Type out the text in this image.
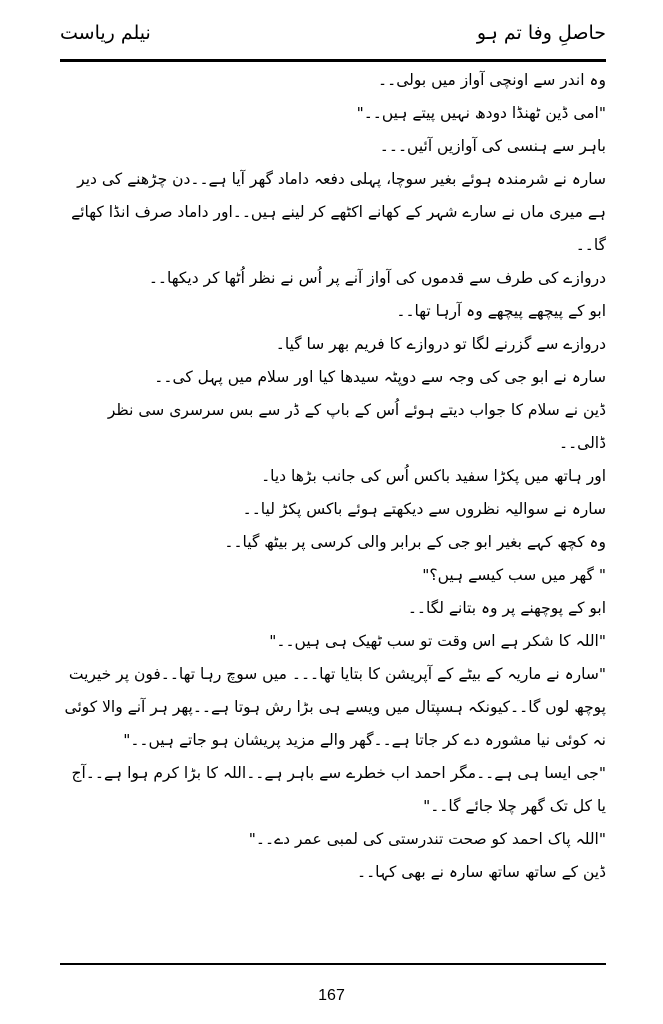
حاصلِ وفا تم ہو
نیلم ریاست

وہ اندر سے اونچی آواز میں بولی۔۔

"امی ڈین ٹھنڈا دودھ نہیں پیتے ہیں۔۔"

باہر سے ہنسی کی آوازیں آئیں۔۔۔

سارہ نے شرمندہ ہوئے بغیر سوچا، پہلی دفعہ داماد گھر آیا ہے۔۔دن چڑھنے کی دیر ہے میری ماں نے سارے شہر کے کھانے اکٹھے کر لینے ہیں۔۔اور داماد صرف انڈا کھائے گا۔۔

دروازے کی طرف سے قدموں کی آواز آنے پر اُس نے نظر اُٹھا کر دیکھا۔۔

ابو کے پیچھے پیچھے وہ آرہا تھا۔۔

دروازے سے گزرنے لگا تو دروازے کا فریم بھر سا گیا۔

سارہ نے ابو جی کی وجہ سے دوپٹہ سیدھا کیا اور سلام میں پہل کی۔۔

ڈین نے سلام کا جواب دیتے ہوئے اُس کے باپ کے ڈر سے بس سرسری سی نظر ڈالی۔۔

اور ہاتھ میں پکڑا سفید باکس اُس کی جانب بڑھا دیا۔

سارہ نے سوالیہ نظروں سے دیکھتے ہوئے باکس پکڑ لیا۔۔

وہ کچھ کہے بغیر ابو جی کے برابر والی کرسی پر بیٹھ گیا۔۔

" گھر میں سب کیسے ہیں؟"

ابو کے پوچھنے پر وہ بتانے لگا۔۔

"اللہ کا شکر ہے اس وقت تو سب ٹھیک ہی ہیں۔۔"

"سارہ نے ماریہ کے بیٹے کے آپریشن کا بتایا تھا۔۔۔ میں سوچ رہا تھا۔۔فون پر خیریت پوچھ لوں گا۔۔کیونکہ ہسپتال میں ویسے ہی بڑا رش ہوتا ہے۔۔پھر ہر آنے والا کوئی نہ کوئی نیا مشورہ دے کر جاتا ہے۔۔گھر والے مزید پریشان ہو جاتے ہیں۔۔"

"جی ایسا ہی ہے۔۔مگر احمد اب خطرے سے باہر ہے۔۔اللہ کا بڑا کرم ہوا ہے۔۔آج یا کل تک گھر چلا جائے گا۔۔"

"اللہ پاک احمد کو صحت تندرستی کی لمبی عمر دے۔۔"

ڈین کے ساتھ ساتھ سارہ نے بھی کہا۔۔

167
